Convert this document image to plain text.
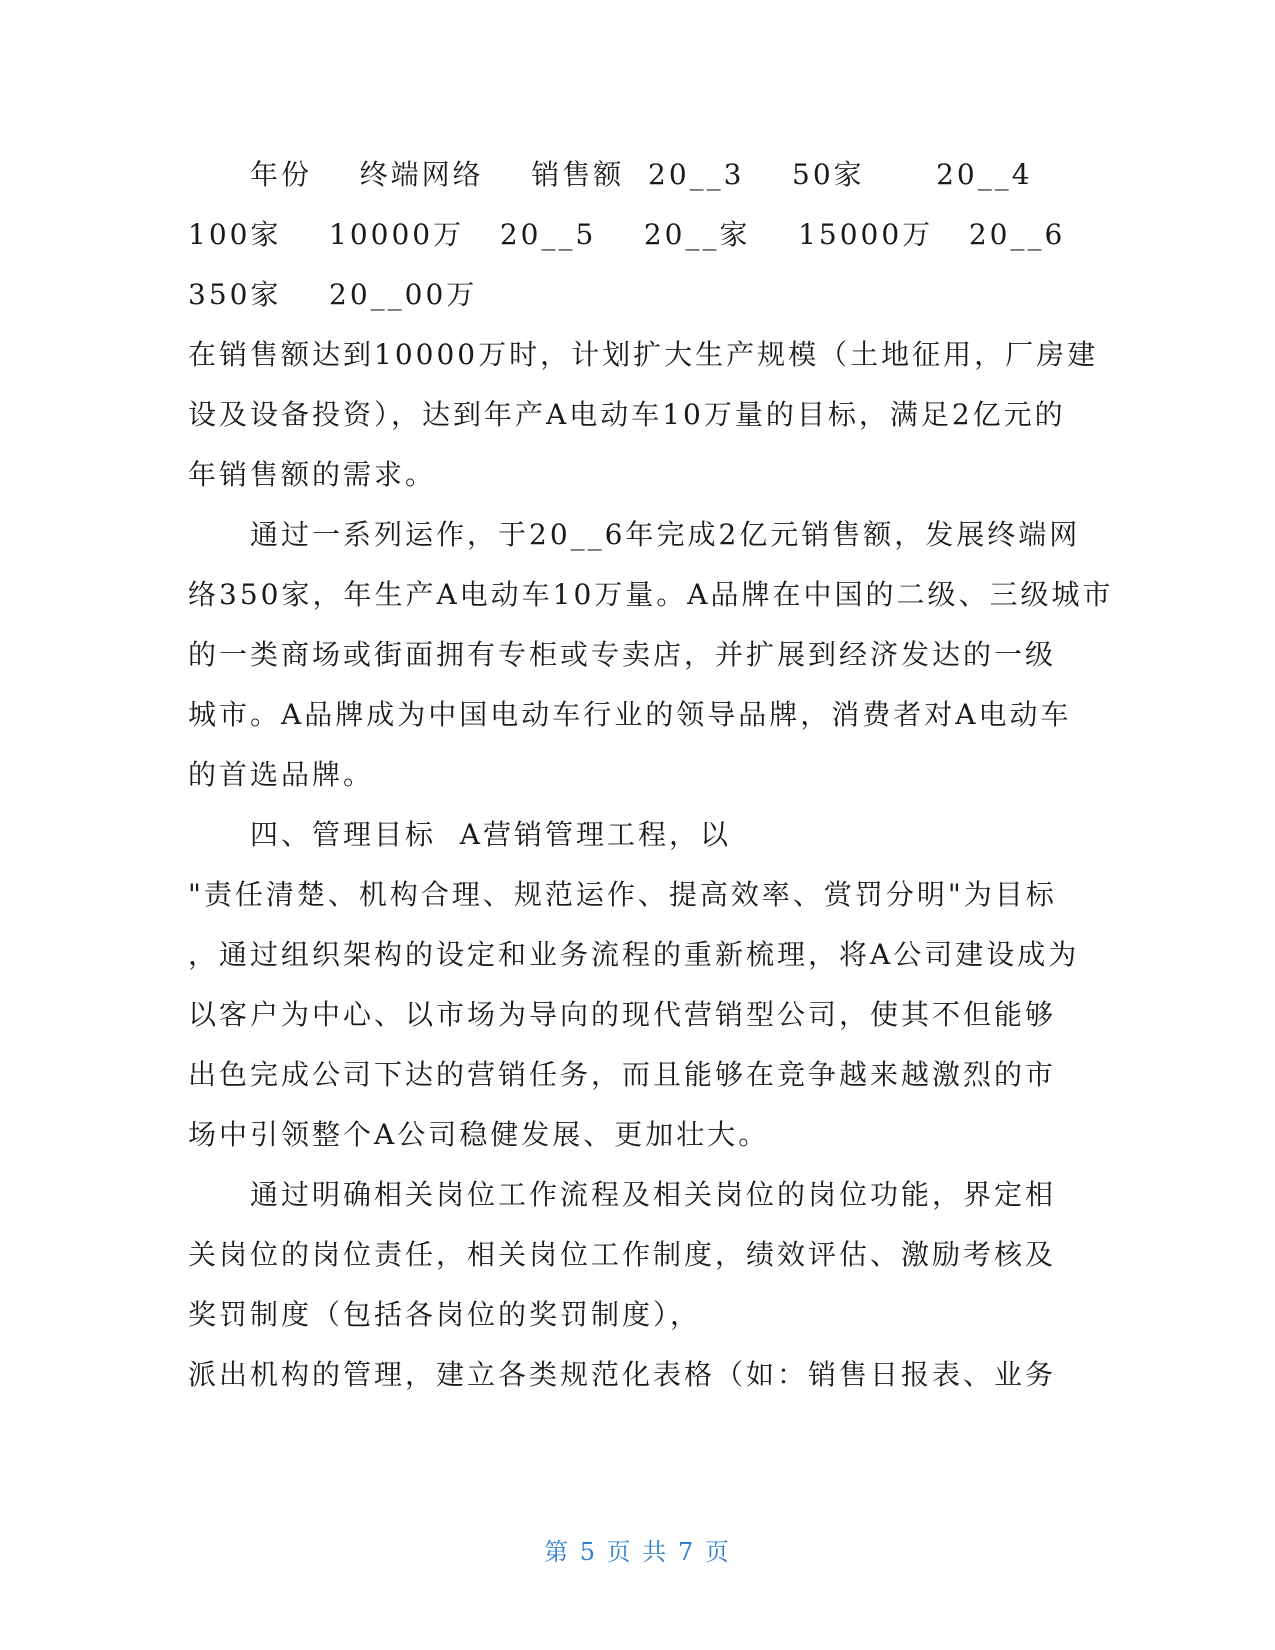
年份    终端网络    销售额  20__3    50家      20__4
100家    10000万   20__5    20__家    15000万   20__6
350家    20__00万
在销售额达到10000万时，计划扩大生产规模（土地征用，厂房建
设及设备投资），达到年产A电动车10万量的目标，满足2亿元的
年销售额的需求。
通过一系列运作，于20__6年完成2亿元销售额，发展终端网
络350家，年生产A电动车10万量。A品牌在中国的二级、三级城市
的一类商场或街面拥有专柜或专卖店，并扩展到经济发达的一级
城市。A品牌成为中国电动车行业的领导品牌，消费者对A电动车
的首选品牌。
四、管理目标  A营销管理工程，以
"责任清楚、机构合理、规范运作、提高效率、赏罚分明"为目标
，通过组织架构的设定和业务流程的重新梳理，将A公司建设成为
以客户为中心、以市场为导向的现代营销型公司，使其不但能够
出色完成公司下达的营销任务，而且能够在竞争越来越激烈的市
场中引领整个A公司稳健发展、更加壮大。
通过明确相关岗位工作流程及相关岗位的岗位功能，界定相
关岗位的岗位责任，相关岗位工作制度，绩效评估、激励考核及
奖罚制度（包括各岗位的奖罚制度），
派出机构的管理，建立各类规范化表格（如：销售日报表、业务
第 5 页 共 7 页
